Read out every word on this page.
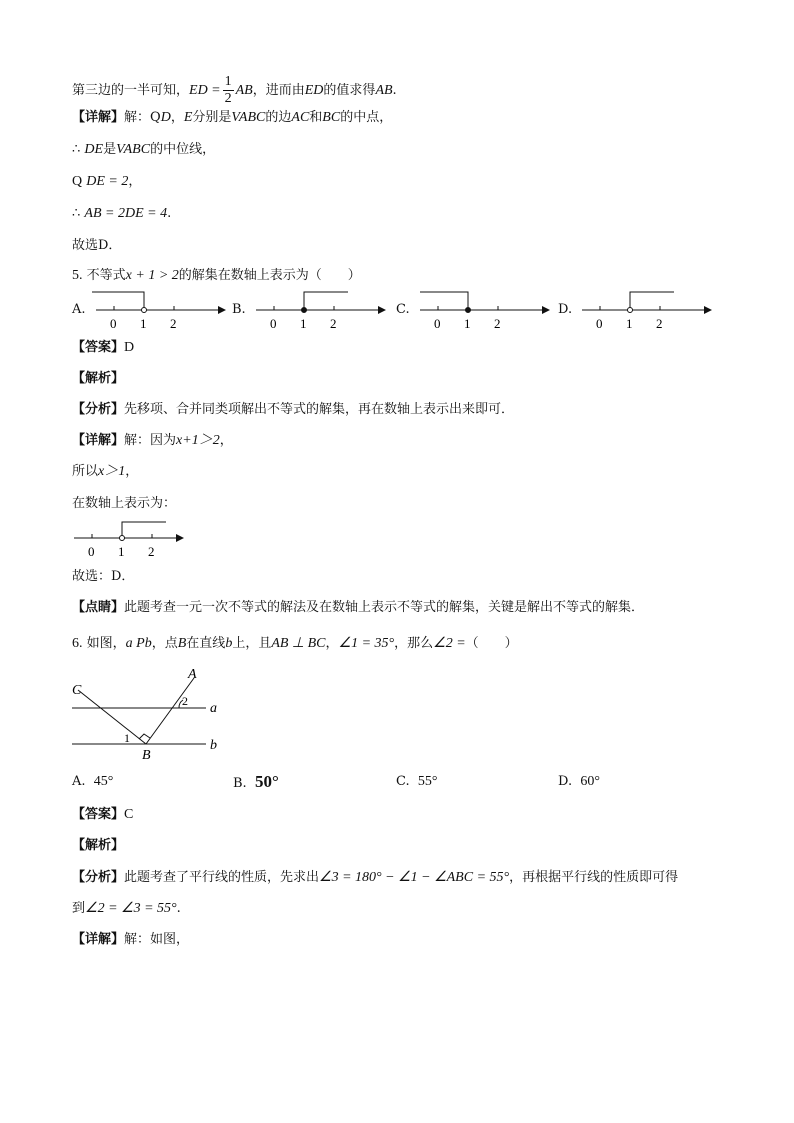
第三边的一半可知，ED = $\frac{1}{2}$ AB，进而由ED的值求得AB.
【详解】解：QD，E分别是VABC的边AC和BC的中点，
∴ DE是VABC的中位线，
Q DE = 2，
∴ AB = 2DE = 4.
故选D．
5. 不等式x + 1 > 2的解集在数轴上表示为（　　）
A.
0 1 2
B.
0 1 2
C.
0 1 2
D.
0 1 2
【答案】D
【解析】
【分析】先移项、合并同类项解出不等式的解集，再在数轴上表示出来即可．
【详解】解：因为x+1＞2，
所以x＞1，
在数轴上表示为：
0 1 2
故选：D．
【点睛】此题考查一元一次不等式的解法及在数轴上表示不等式的解集，关键是解出不等式的解集．
6. 如图，a Pb，点B在直线b上，且AB ⊥ BC，∠1 = 35°，那么∠2 =（　　）
A
C
a
b
B
1
2
A. 45°	B. 50°	C. 55°	D. 60°
【答案】C
【解析】
【分析】此题考查了平行线的性质，先求出∠3 = 180° − ∠1 − ∠ABC = 55°，再根据平行线的性质即可得
到∠2 = ∠3 = 55°.
【详解】解：如图，
